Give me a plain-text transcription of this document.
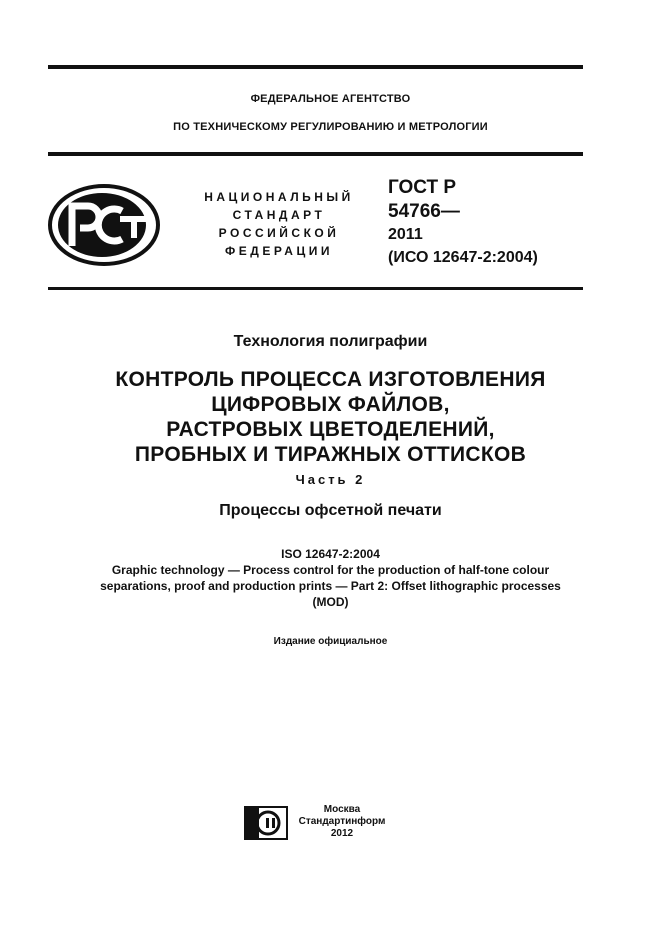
ФЕДЕРАЛЬНОЕ АГЕНТСТВО
ПО ТЕХНИЧЕСКОМУ РЕГУЛИРОВАНИЮ И МЕТРОЛОГИИ
НАЦИОНАЛЬНЫЙ
СТАНДАРТ
РОССИЙСКОЙ
ФЕДЕРАЦИИ
ГОСТ Р
54766—
2011
(ИСО 12647-2:2004)
Технология полиграфии
КОНТРОЛЬ ПРОЦЕССА ИЗГОТОВЛЕНИЯ
ЦИФРОВЫХ ФАЙЛОВ,
РАСТРОВЫХ ЦВЕТОДЕЛЕНИЙ,
ПРОБНЫХ И ТИРАЖНЫХ ОТТИСКОВ
Часть 2
Процессы офсетной печати
ISO 12647-2:2004
Graphic technology — Process control for the production of half-tone colour
separations, proof and production prints — Part 2: Offset lithographic processes
(MOD)
Издание официальное
Москва
Стандартинформ
2012
